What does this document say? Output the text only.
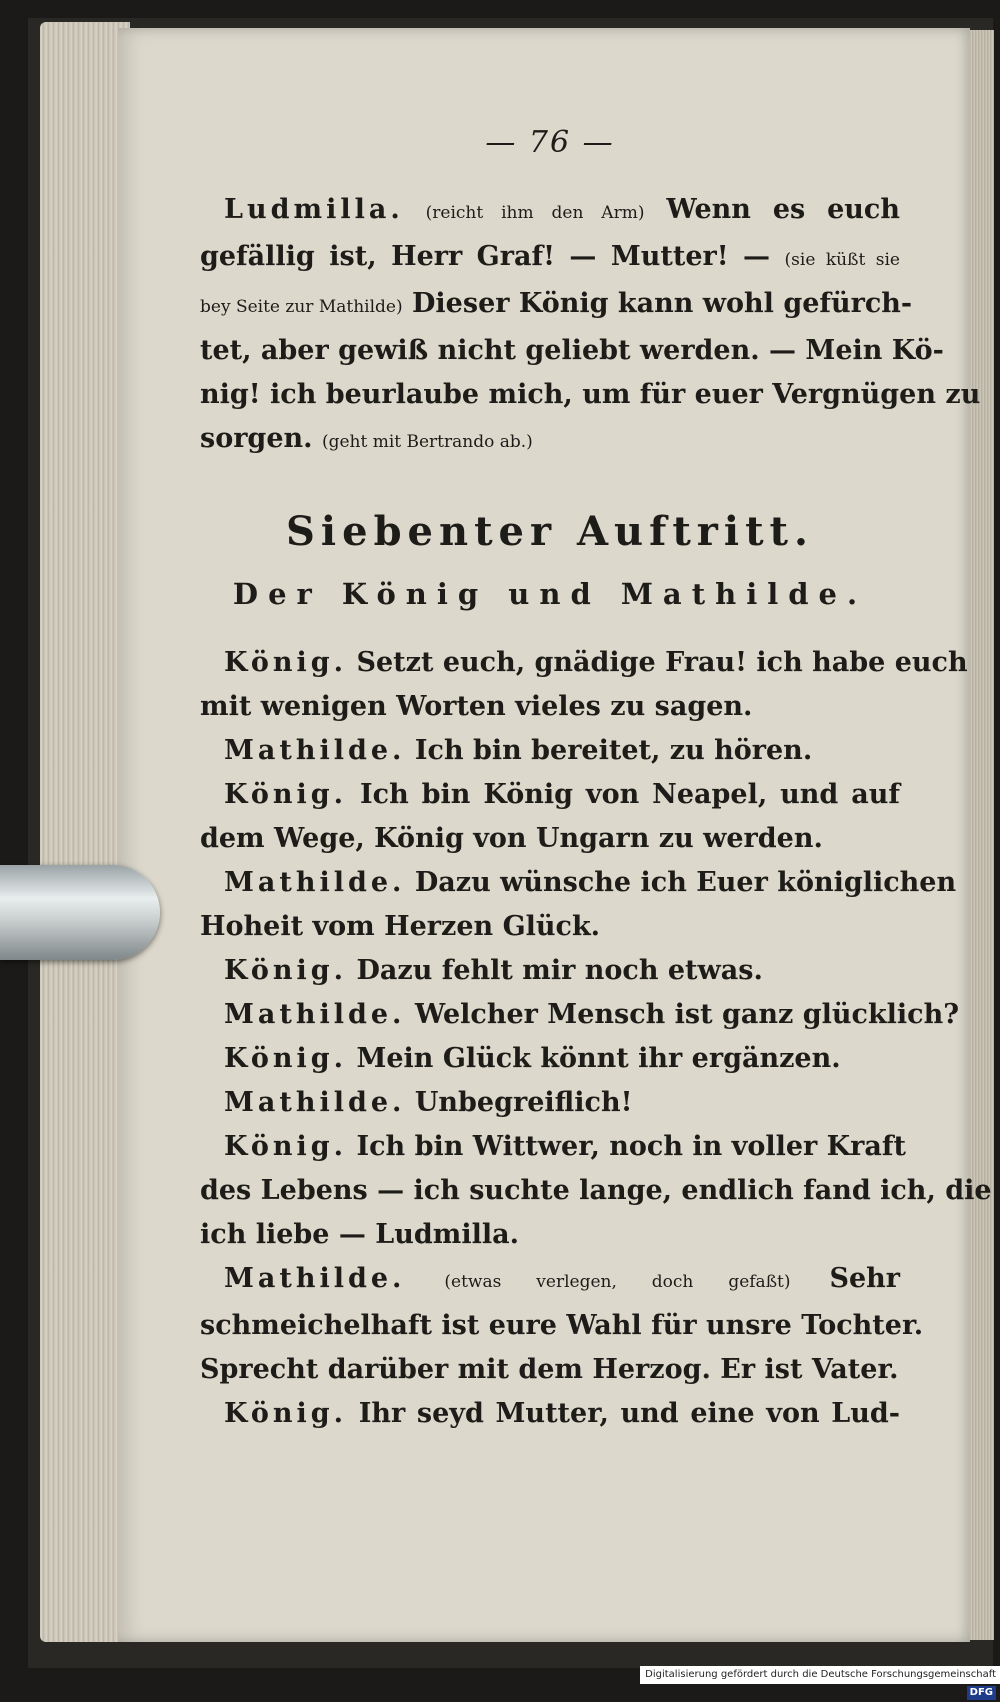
— 76 —
Ludmilla. (reicht ihm den Arm) Wenn es euch
gefällig ist, Herr Graf! — Mutter! — (sie küßt sie
bey Seite zur Mathilde) Dieser König kann wohl gefürch-
tet, aber gewiß nicht geliebt werden. — Mein Kö-
nig! ich beurlaube mich, um für euer Vergnügen zu
sorgen. (geht mit Bertrando ab.)
Siebenter Auftritt.
Der König und Mathilde.
König. Setzt euch, gnädige Frau! ich habe euch
mit wenigen Worten vieles zu sagen.
Mathilde. Ich bin bereitet, zu hören.
König. Ich bin König von Neapel, und auf
dem Wege, König von Ungarn zu werden.
Mathilde. Dazu wünsche ich Euer königlichen
Hoheit vom Herzen Glück.
König. Dazu fehlt mir noch etwas.
Mathilde. Welcher Mensch ist ganz glücklich?
König. Mein Glück könnt ihr ergänzen.
Mathilde. Unbegreiflich!
König. Ich bin Wittwer, noch in voller Kraft
des Lebens — ich suchte lange, endlich fand ich, die
ich liebe — Ludmilla.
Mathilde. (etwas verlegen, doch gefaßt) Sehr
schmeichelhaft ist eure Wahl für unsre Tochter.
Sprecht darüber mit dem Herzog. Er ist Vater.
König. Ihr seyd Mutter, und eine von Lud-
Digitalisierung gefördert durch die Deutsche Forschungsgemeinschaft - DFG
